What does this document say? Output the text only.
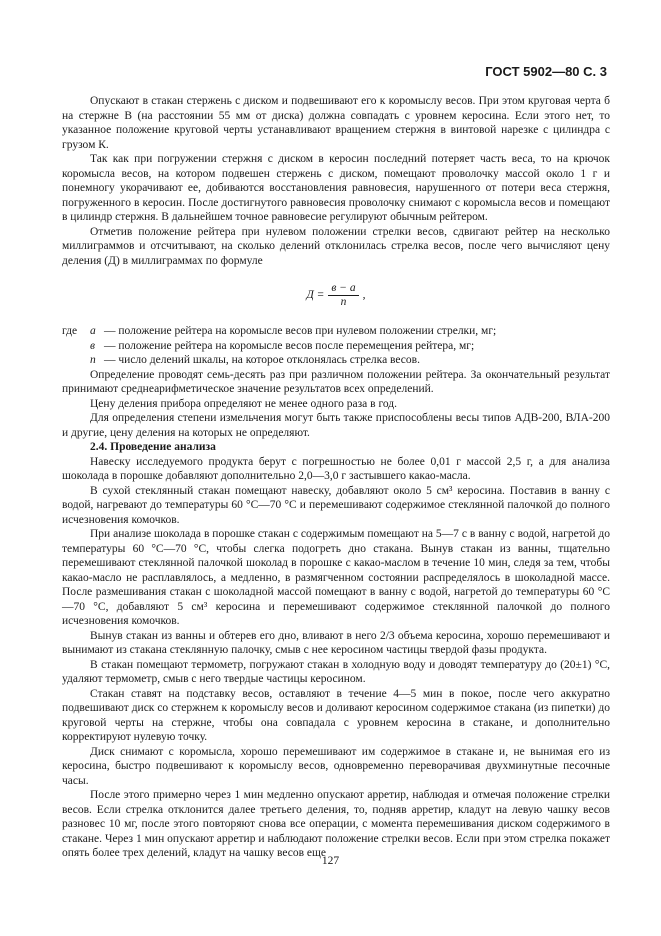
ГОСТ 5902—80 С. 3

Опускают в стакан стержень с диском и подвешивают его к коромыслу весов. При этом круговая черта б на стержне В (на расстоянии 55 мм от диска) должна совпадать с уровнем керосина. Если этого нет, то указанное положение круговой черты устанавливают вращением стержня в винтовой нарезке с цилиндра с грузом К.

Так как при погружении стержня с диском в керосин последний потеряет часть веса, то на крючок коромысла весов, на котором подвешен стержень с диском, помещают проволочку массой около 1 г и понемногу укорачивают ее, добиваются восстановления равновесия, нарушенного от потери веса стержня, погруженного в керосин. После достигнутого равновесия проволочку снимают с коромысла весов и помещают в цилиндр стержня. В дальнейшем точное равновесие регулируют обычным рейтером.

Отметив положение рейтера при нулевом положении стрелки весов, сдвигают рейтер на несколько миллиграммов и отсчитывают, на сколько делений отклонилась стрелка весов, после чего вычисляют цену деления (Д) в миллиграммах по формуле

$Д = \frac{в - а}{n}$ ,
где	а — положение рейтера на коромысле весов при нулевом положении стрелки, мг;
в — положение рейтера на коромысле весов после перемещения рейтера, мг;
n — число делений шкалы, на которое отклонялась стрелка весов.

Определение проводят семь-десять раз при различном положении рейтера. За окончательный результат принимают среднеарифметическое значение результатов всех определений.

Цену деления прибора определяют не менее одного раза в год.

Для определения степени измельчения могут быть также приспособлены весы типов АДВ-200, ВЛА-200 и другие, цену деления на которых не определяют.

2.4. Проведение анализа

Навеску исследуемого продукта берут с погрешностью не более 0,01 г массой 2,5 г, а для анализа шоколада в порошке добавляют дополнительно 2,0—3,0 г застывшего какао-масла.

В сухой стеклянный стакан помещают навеску, добавляют около 5 см³ керосина. Поставив в ванну с водой, нагревают до температуры 60 °С—70 °С и перемешивают содержимое стеклянной палочкой до полного исчезновения комочков.

При анализе шоколада в порошке стакан с содержимым помещают на 5—7 с в ванну с водой, нагретой до температуры 60 °С—70 °С, чтобы слегка подогреть дно стакана. Вынув стакан из ванны, тщательно перемешивают стеклянной палочкой шоколад в порошке с какао-маслом в течение 10 мин, следя за тем, чтобы какао-масло не расплавлялось, а медленно, в размягченном состоянии распределялось в шоколадной массе. После размешивания стакан с шоколадной массой помещают в ванну с водой, нагретой до температуры 60 °С—70 °С, добавляют 5 см³ керосина и перемешивают содержимое стеклянной палочкой до полного исчезновения комочков.

Вынув стакан из ванны и обтерев его дно, вливают в него 2/3 объема керосина, хорошо перемешивают и вынимают из стакана стеклянную палочку, смыв с нее керосином частицы твердой фазы продукта.

В стакан помещают термометр, погружают стакан в холодную воду и доводят температуру до (20±1) °С, удаляют термометр, смыв с него твердые частицы керосином.

Стакан ставят на подставку весов, оставляют в течение 4—5 мин в покое, после чего аккуратно подвешивают диск со стержнем к коромыслу весов и доливают керосином содержимое стакана (из пипетки) до круговой черты на стержне, чтобы она совпадала с уровнем керосина в стакане, и дополнительно корректируют нулевую точку.

Диск снимают с коромысла, хорошо перемешивают им содержимое в стакане и, не вынимая его из керосина, быстро подвешивают к коромыслу весов, одновременно переворачивая двухминутные песочные часы.

После этого примерно через 1 мин медленно опускают арретир, наблюдая и отмечая положение стрелки весов. Если стрелка отклонится далее третьего деления, то, подняв арретир, кладут на левую чашку весов разновес 10 мг, после этого повторяют снова все операции, с момента перемешивания диском содержимого в стакане. Через 1 мин опускают арретир и наблюдают положение стрелки весов. Если при этом стрелка покажет опять более трех делений, кладут на чашку весов еще

127
